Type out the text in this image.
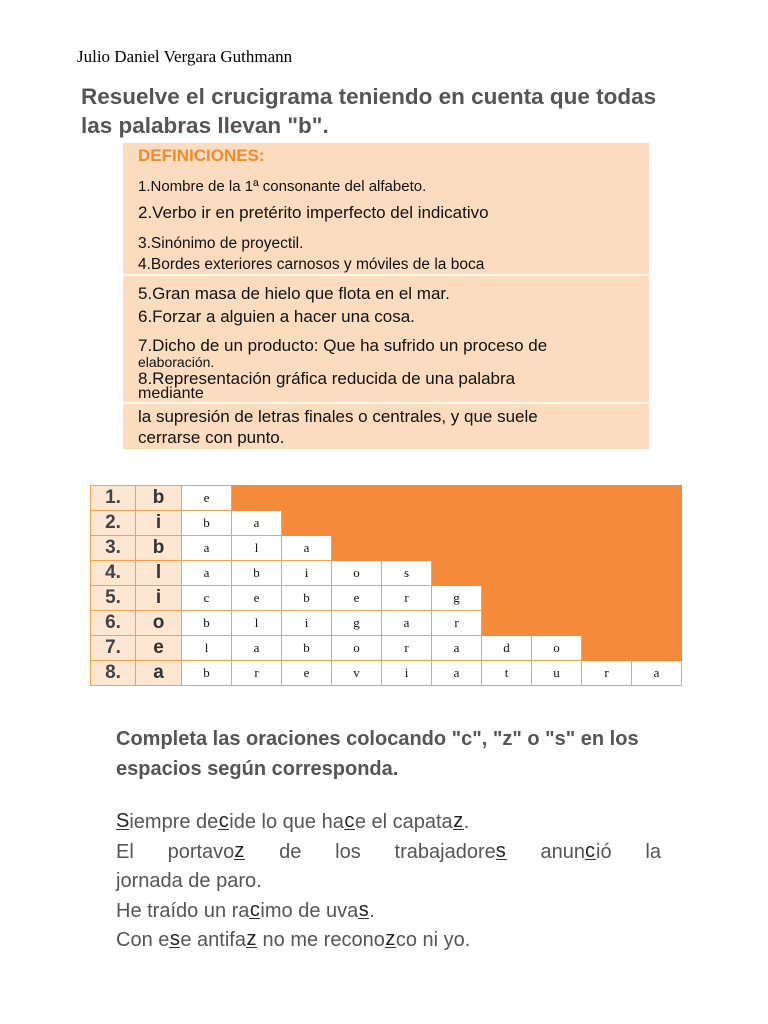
Julio Daniel Vergara Guthmann
Resuelve el crucigrama teniendo en cuenta que todas las palabras llevan "b".
DEFINICIONES:
1.Nombre de la 1ª consonante del alfabeto.
2.Verbo ir en pretérito imperfecto del indicativo
3.Sinónimo de proyectil.
4.Bordes exteriores carnosos y móviles de la boca
5.Gran masa de hielo que flota en el mar.
6.Forzar a alguien a hacer una cosa.
7.Dicho de un producto: Que ha sufrido un proceso de
elaboración.
8.Representación gráfica reducida de una palabra
mediante
la supresión de letras finales o centrales, y que suele
cerrarse con punto.
1.	b	e									
2.	i	b	a								
3.	b	a	l	a							
4.	l	a	b	i	o	s					
5.	i	c	e	b	e	r	g				
6.	o	b	l	i	g	a	r				
7.	e	l	a	b	o	r	a	d	o		
8.	a	b	r	e	v	i	a	t	u	r	a
Completa las oraciones colocando "c", "z" o "s" en los espacios según corresponda.
Siempre decide lo que hace el capataz.
El portavoz de los trabajadores anunció la
jornada de paro.
He traído un racimo de uvas.
Con ese antifaz no me reconozco ni yo.
